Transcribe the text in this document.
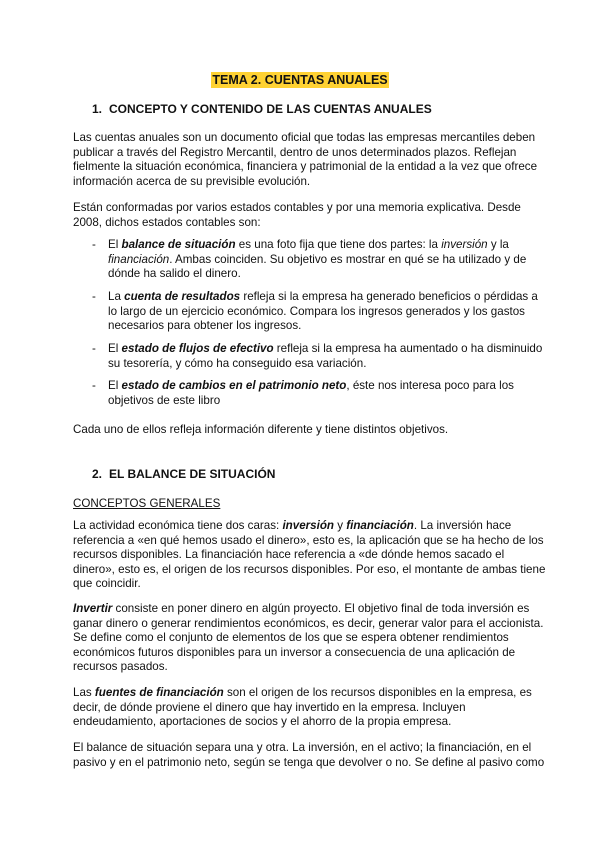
TEMA 2. CUENTAS ANUALES
1. CONCEPTO Y CONTENIDO DE LAS CUENTAS ANUALES
Las cuentas anuales son un documento oficial que todas las empresas mercantiles deben
publicar a través del Registro Mercantil, dentro de unos determinados plazos. Reflejan
fielmente la situación económica, financiera y patrimonial de la entidad a la vez que ofrece
información acerca de su previsible evolución.
Están conformadas por varios estados contables y por una memoria explicativa. Desde
2008, dichos estados contables son:
- El balance de situación es una foto fija que tiene dos partes: la inversión y la
financiación. Ambas coinciden. Su objetivo es mostrar en qué se ha utilizado y de
dónde ha salido el dinero.
- La cuenta de resultados refleja si la empresa ha generado beneficios o pérdidas a
lo largo de un ejercicio económico. Compara los ingresos generados y los gastos
necesarios para obtener los ingresos.
- El estado de flujos de efectivo refleja si la empresa ha aumentado o ha disminuido
su tesorería, y cómo ha conseguido esa variación.
- El estado de cambios en el patrimonio neto, éste nos interesa poco para los
objetivos de este libro
Cada uno de ellos refleja información diferente y tiene distintos objetivos.
2. EL BALANCE DE SITUACIÓN
CONCEPTOS GENERALES
La actividad económica tiene dos caras: inversión y financiación. La inversión hace
referencia a «en qué hemos usado el dinero», esto es, la aplicación que se ha hecho de los
recursos disponibles. La financiación hace referencia a «de dónde hemos sacado el
dinero», esto es, el origen de los recursos disponibles. Por eso, el montante de ambas tiene
que coincidir.
Invertir consiste en poner dinero en algún proyecto. El objetivo final de toda inversión es
ganar dinero o generar rendimientos económicos, es decir, generar valor para el accionista.
Se define como el conjunto de elementos de los que se espera obtener rendimientos
económicos futuros disponibles para un inversor a consecuencia de una aplicación de
recursos pasados.
Las fuentes de financiación son el origen de los recursos disponibles en la empresa, es
decir, de dónde proviene el dinero que hay invertido en la empresa. Incluyen
endeudamiento, aportaciones de socios y el ahorro de la propia empresa.
El balance de situación separa una y otra. La inversión, en el activo; la financiación, en el
pasivo y en el patrimonio neto, según se tenga que devolver o no. Se define al pasivo como
